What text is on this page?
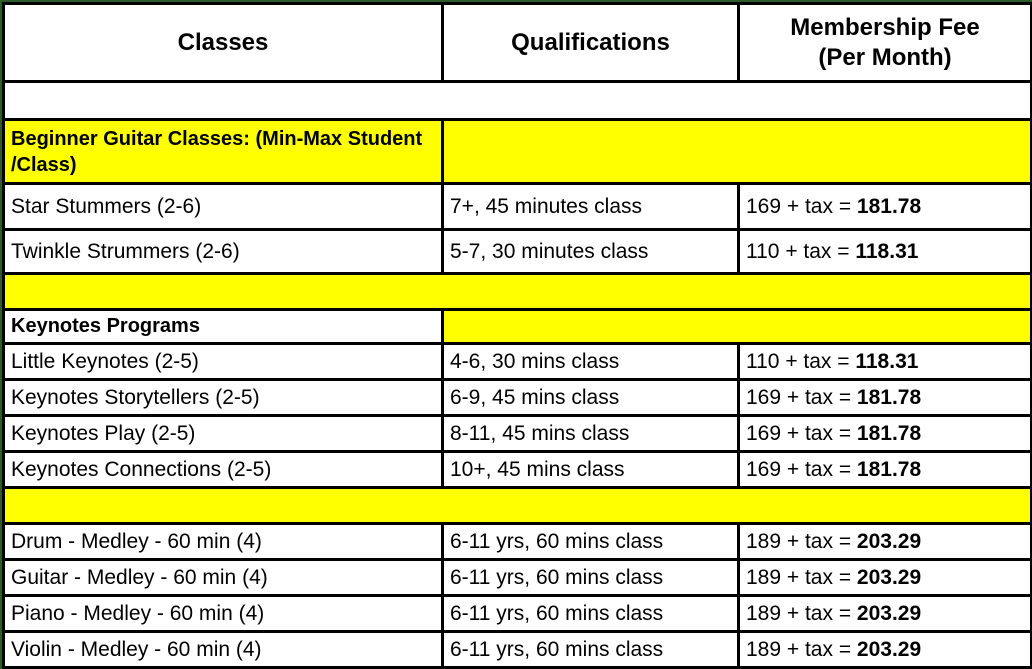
Classes	Qualifications	Membership Fee
(Per Month)

Beginner Guitar Classes: (Min-Max Student /Class)		
Star Stummers (2-6)	7+, 45 minutes class	169 + tax = 181.78
Twinkle Strummers (2-6)	5-7, 30 minutes class	110 + tax = 118.31

Keynotes Programs		
Little Keynotes (2-5)	4-6, 30 mins class	110 + tax = 118.31
Keynotes Storytellers (2-5)	6-9, 45 mins class	169 + tax = 181.78
Keynotes Play (2-5)	8-11, 45 mins class	169 + tax = 181.78
Keynotes Connections (2-5)	10+, 45 mins class	169 + tax = 181.78

Drum - Medley - 60 min (4)	6-11 yrs, 60 mins class	189 + tax = 203.29
Guitar - Medley - 60 min (4)	6-11 yrs, 60 mins class	189 + tax = 203.29
Piano - Medley - 60 min (4)	6-11 yrs, 60 mins class	189 + tax = 203.29
Violin - Medley - 60 min (4)	6-11 yrs, 60 mins class	189 + tax = 203.29
